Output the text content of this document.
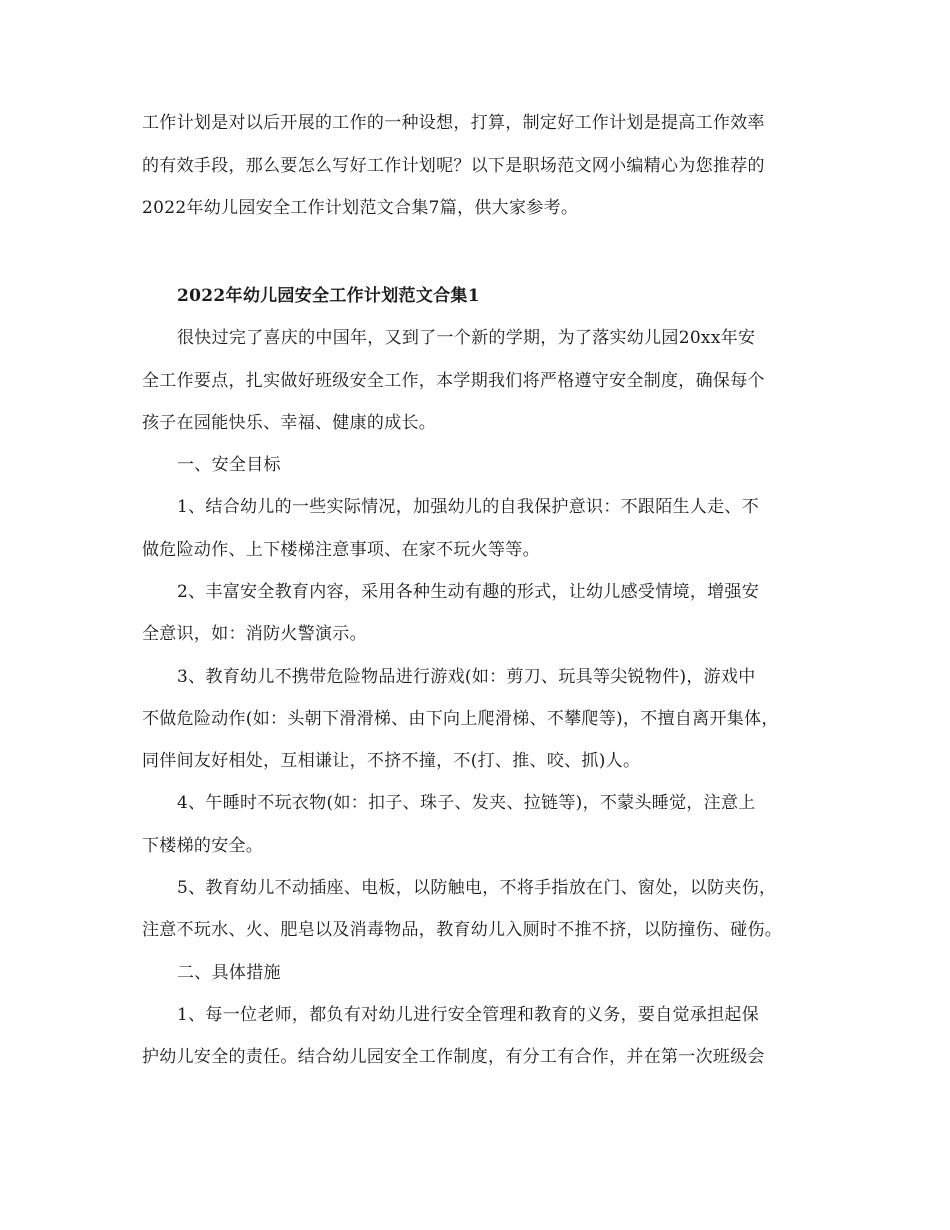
工作计划是对以后开展的工作的一种设想，打算，制定好工作计划是提高工作效率
的有效手段，那么要怎么写好工作计划呢？以下是职场范文网小编精心为您推荐的
2022年幼儿园安全工作计划范文合集7篇，供大家参考。
2022年幼儿园安全工作计划范文合集1
很快过完了喜庆的中国年，又到了一个新的学期，为了落实幼儿园20xx年安
全工作要点，扎实做好班级安全工作，本学期我们将严格遵守安全制度，确保每个
孩子在园能快乐、幸福、健康的成长。
一、安全目标
1、结合幼儿的一些实际情况，加强幼儿的自我保护意识：不跟陌生人走、不
做危险动作、上下楼梯注意事项、在家不玩火等等。
2、丰富安全教育内容，采用各种生动有趣的形式，让幼儿感受情境，增强安
全意识，如：消防火警演示。
3、教育幼儿不携带危险物品进行游戏(如：剪刀、玩具等尖锐物件)，游戏中
不做危险动作(如：头朝下滑滑梯、由下向上爬滑梯、不攀爬等)，不擅自离开集体，
同伴间友好相处，互相谦让，不挤不撞，不(打、推、咬、抓)人。
4、午睡时不玩衣物(如：扣子、珠子、发夹、拉链等)，不蒙头睡觉，注意上
下楼梯的安全。
5、教育幼儿不动插座、电板，以防触电，不将手指放在门、窗处，以防夹伤，
注意不玩水、火、肥皂以及消毒物品，教育幼儿入厕时不推不挤，以防撞伤、碰伤。
二、具体措施
1、每一位老师，都负有对幼儿进行安全管理和教育的义务，要自觉承担起保
护幼儿安全的责任。结合幼儿园安全工作制度，有分工有合作，并在第一次班级会
